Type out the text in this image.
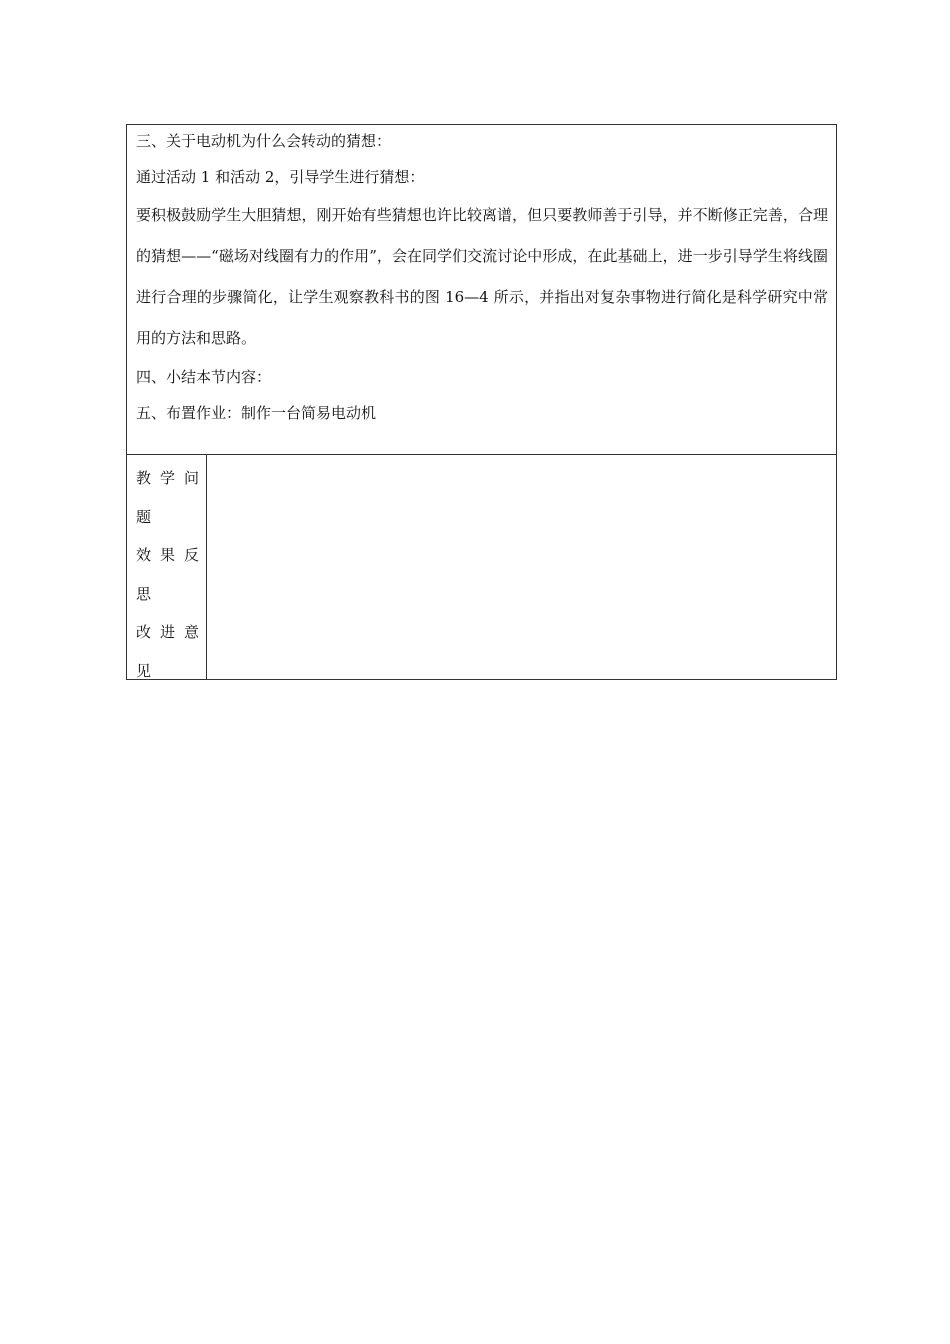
三、关于电动机为什么会转动的猜想：
通过活动 1 和活动 2，引导学生进行猜想：

要积极鼓励学生大胆猜想，刚开始有些猜想也许比较离谱，但只要教师善于引导，并不断修正完善，合理的猜想——“磁场对线圈有力的作用”，会在同学们交流讨论中形成，在此基础上，进一步引导学生将线圈进行合理的步骤简化，让学生观察教科书的图 16—4 所示，并指出对复杂事物进行简化是科学研究中常用的方法和思路。

四、小结本节内容：
五、布置作业：制作一台简易电动机
教学问
题
效果反
思
改进意
见
